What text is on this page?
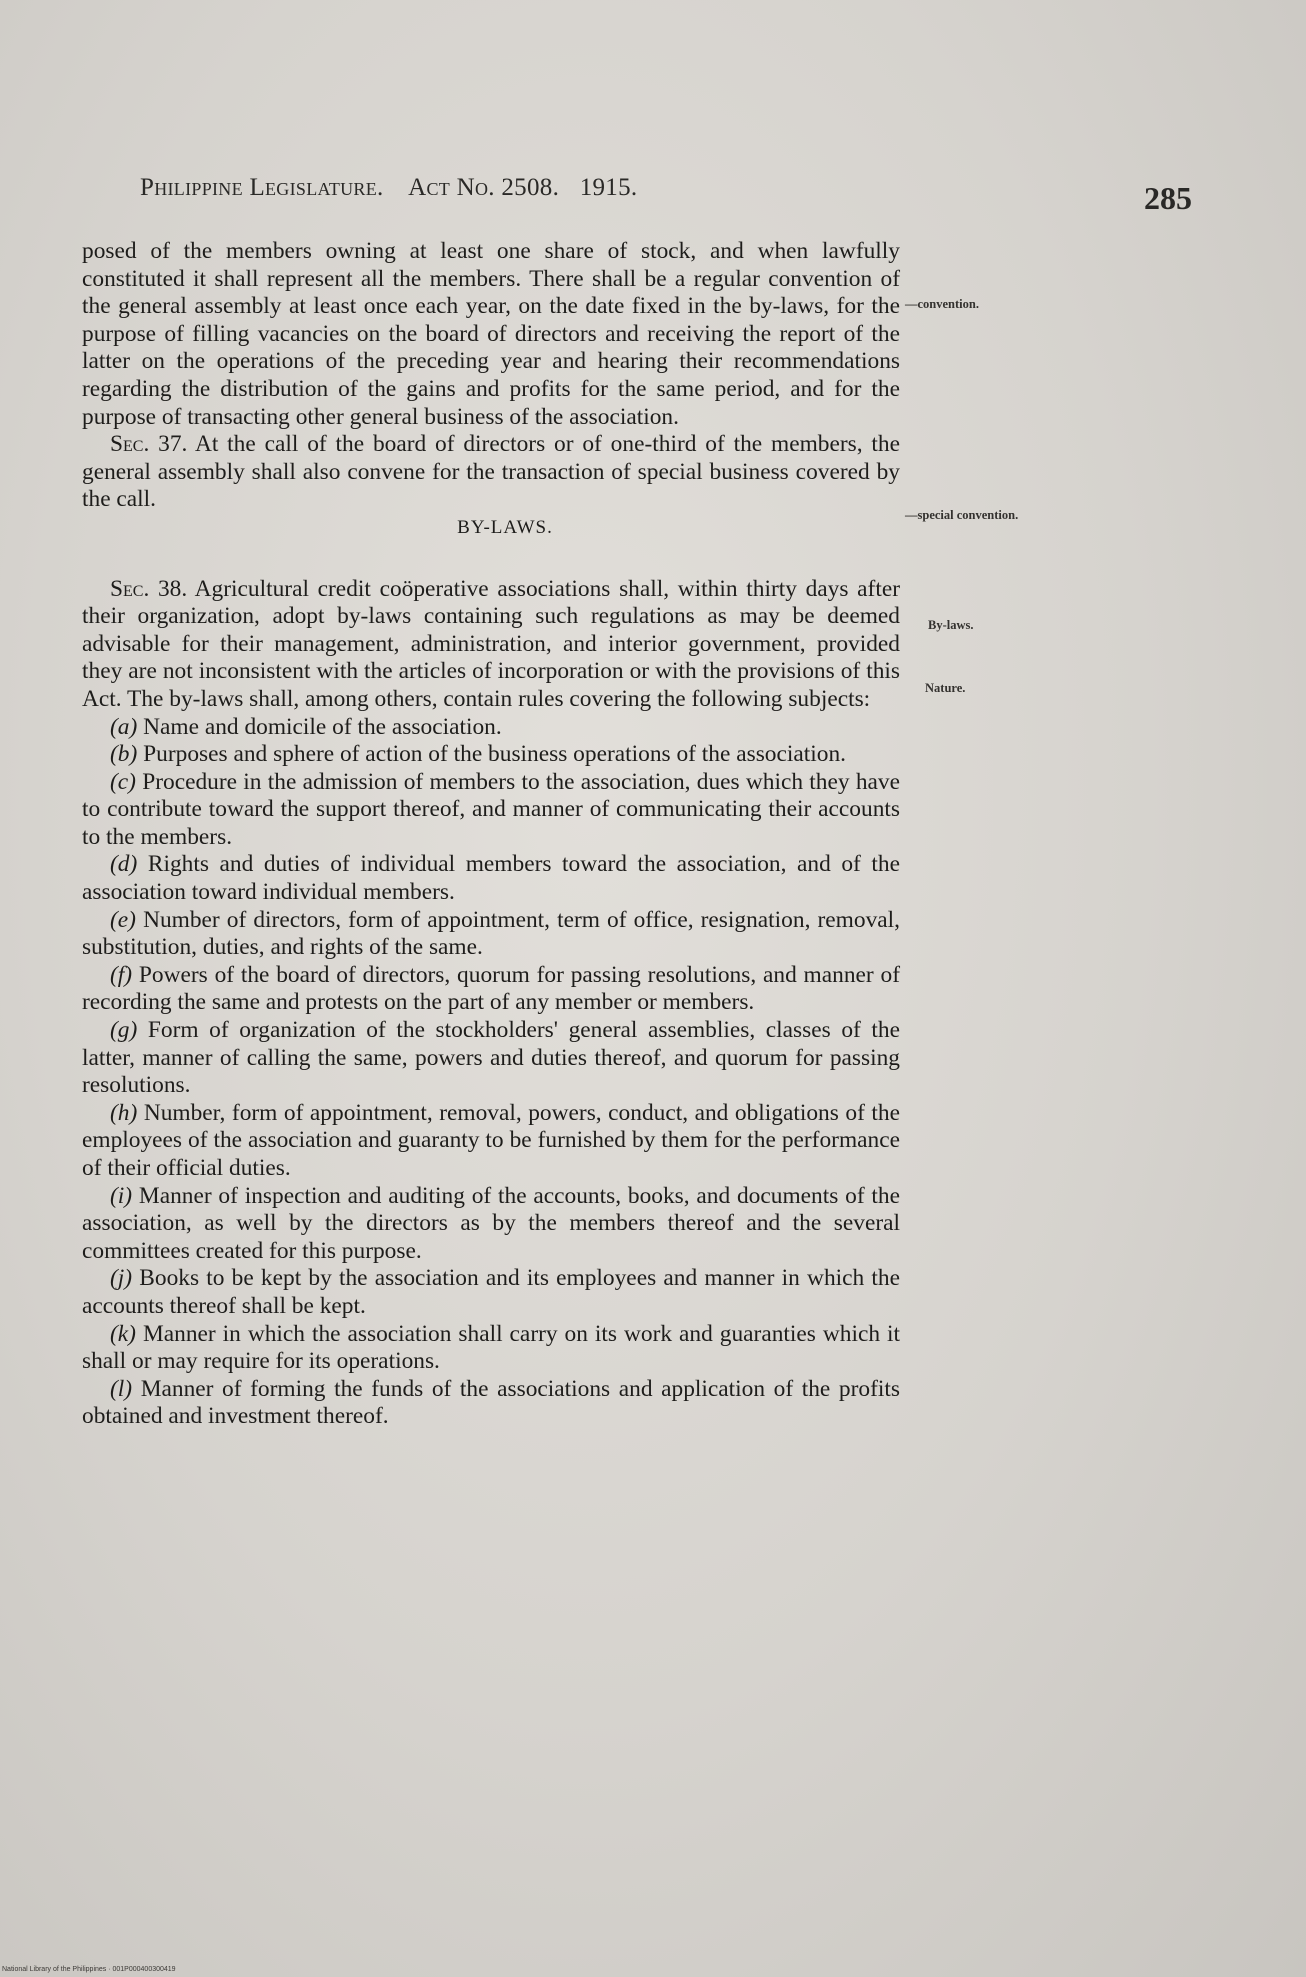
Philippine Legislature. Act No. 2508. 1915.	285
—convention.
—special convention.
By-laws.
Nature.

posed of the members owning at least one share of stock, and when lawfully constituted it shall represent all the members. There shall be a regular convention of the general assembly at least once each year, on the date fixed in the by-laws, for the purpose of filling vacancies on the board of directors and receiving the report of the latter on the operations of the preceding year and hearing their recommendations regarding the distribution of the gains and profits for the same period, and for the purpose of transacting other general business of the association.

Sec. 37. At the call of the board of directors or of one-third of the members, the general assembly shall also convene for the transaction of special business covered by the call.

BY-LAWS.

Sec. 38. Agricultural credit coöperative associations shall, within thirty days after their organization, adopt by-laws containing such regulations as may be deemed advisable for their management, administration, and interior government, provided they are not inconsistent with the articles of incorporation or with the provisions of this Act. The by-laws shall, among others, contain rules covering the following subjects:

(a) Name and domicile of the association.

(b) Purposes and sphere of action of the business operations of the association.

(c) Procedure in the admission of members to the association, dues which they have to contribute toward the support thereof, and manner of communicating their accounts to the members.

(d) Rights and duties of individual members toward the association, and of the association toward individual members.

(e) Number of directors, form of appointment, term of office, resignation, removal, substitution, duties, and rights of the same.

(f) Powers of the board of directors, quorum for passing resolutions, and manner of recording the same and protests on the part of any member or members.

(g) Form of organization of the stockholders' general assemblies, classes of the latter, manner of calling the same, powers and duties thereof, and quorum for passing resolutions.

(h) Number, form of appointment, removal, powers, conduct, and obligations of the employees of the association and guaranty to be furnished by them for the performance of their official duties.

(i) Manner of inspection and auditing of the accounts, books, and documents of the association, as well by the directors as by the members thereof and the several committees created for this purpose.

(j) Books to be kept by the association and its employees and manner in which the accounts thereof shall be kept.

(k) Manner in which the association shall carry on its work and guaranties which it shall or may require for its operations.

(l) Manner of forming the funds of the associations and application of the profits obtained and investment thereof.

National Library of the Philippines · 001P000400300419
